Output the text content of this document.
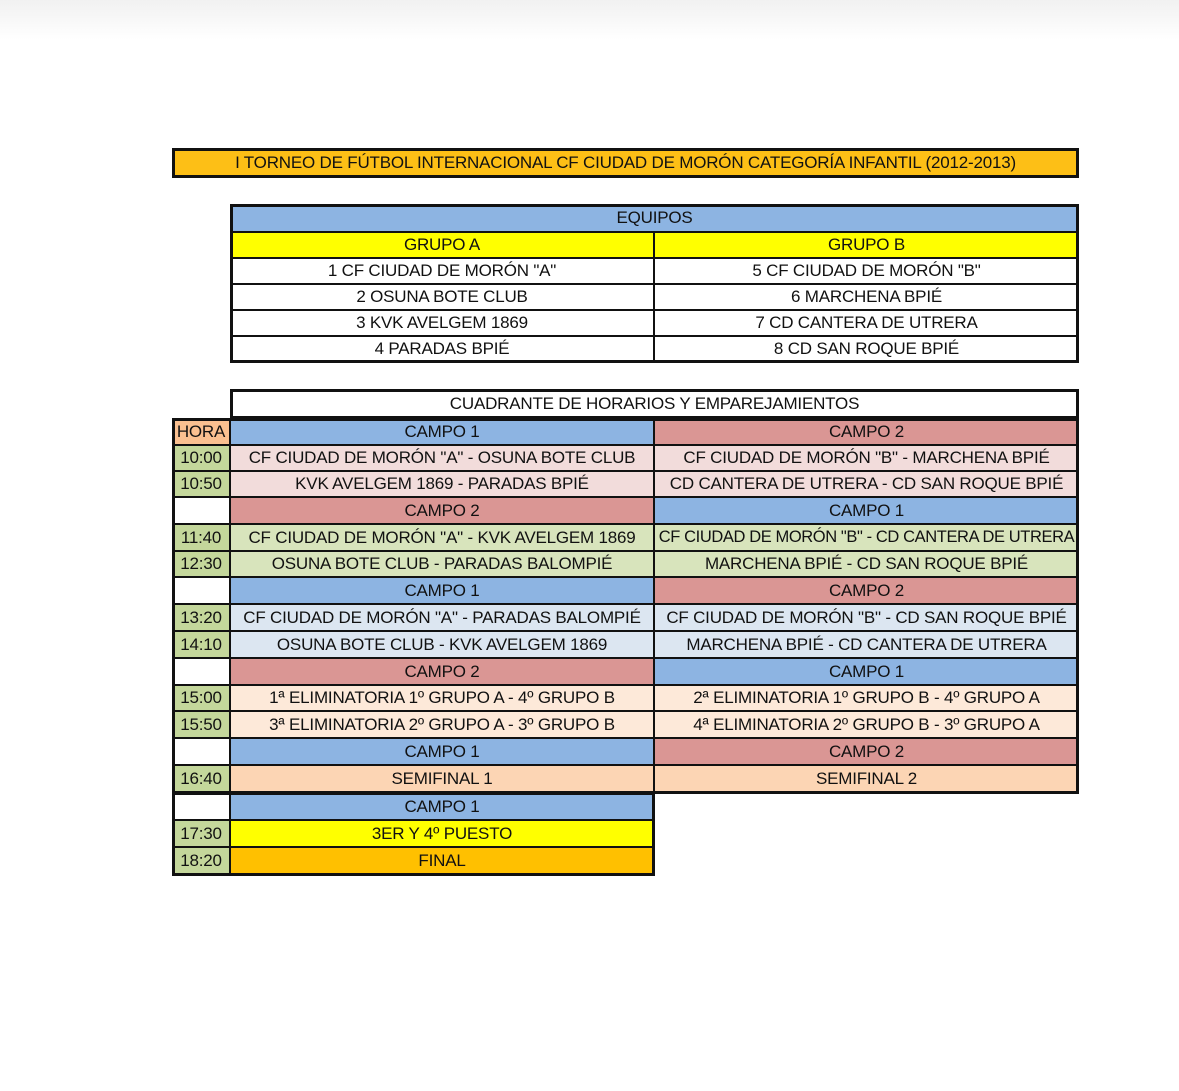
I TORNEO DE FÚTBOL INTERNACIONAL CF CIUDAD DE MORÓN CATEGORÍA INFANTIL (2012-2013)
EQUIPOS
GRUPO A	GRUPO B
1 CF CIUDAD DE MORÓN "A"	5 CF CIUDAD DE MORÓN "B"
2 OSUNA BOTE CLUB	6 MARCHENA BPIÉ
3 KVK AVELGEM 1869	7 CD CANTERA DE UTRERA
4 PARADAS BPIÉ	8 CD SAN ROQUE BPIÉ
CUADRANTE DE HORARIOS Y EMPAREJAMIENTOS
HORA	CAMPO 1	CAMPO 2
10:00	CF CIUDAD DE MORÓN "A" - OSUNA BOTE CLUB	CF CIUDAD DE MORÓN "B" - MARCHENA BPIÉ
10:50	KVK AVELGEM 1869 - PARADAS BPIÉ	CD CANTERA DE UTRERA - CD SAN ROQUE BPIÉ
CAMPO 2	CAMPO 1
11:40	CF CIUDAD DE MORÓN "A" - KVK AVELGEM 1869	CF CIUDAD DE MORÓN "B" - CD CANTERA DE UTRERA
12:30	OSUNA BOTE CLUB - PARADAS BALOMPIÉ	MARCHENA BPIÉ - CD SAN ROQUE BPIÉ
CAMPO 1	CAMPO 2
13:20	CF CIUDAD DE MORÓN "A" - PARADAS BALOMPIÉ	CF CIUDAD DE MORÓN "B" - CD SAN ROQUE BPIÉ
14:10	OSUNA BOTE CLUB - KVK AVELGEM 1869	MARCHENA BPIÉ - CD CANTERA DE UTRERA
CAMPO 2	CAMPO 1
15:00	1ª ELIMINATORIA 1º GRUPO A - 4º GRUPO B	2ª ELIMINATORIA 1º GRUPO B - 4º GRUPO A
15:50	3ª ELIMINATORIA 2º GRUPO A - 3º GRUPO B	4ª ELIMINATORIA 2º GRUPO B - 3º GRUPO A
CAMPO 1	CAMPO 2
16:40	SEMIFINAL 1	SEMIFINAL 2
CAMPO 1
17:30	3ER Y 4º PUESTO
18:20	FINAL
